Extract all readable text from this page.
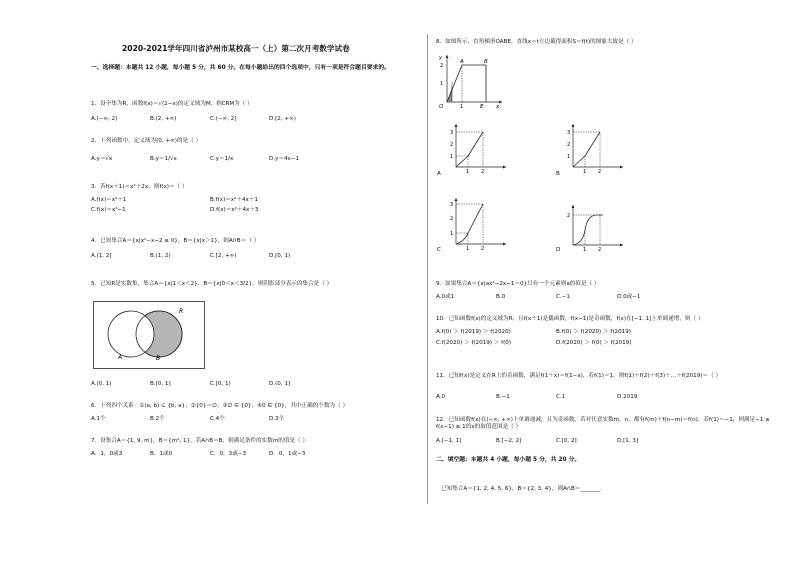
2020-2021学年四川省泸州市某校高一（上）第二次月考数学试卷
一、选择题：本题共 12 小题，每小题 5 分，共 60 分。在每小题给出的四个选项中，只有一项是符合题目要求的。
1．设全集为R，函数f(x)＝√(2−x)的定义域为M，则∁RM为（ ）
A.(−∞, 2)	B.(2, +∞)	C.(−∞, 2]	D.[2, +∞)
2．下列函数中，定义域为(0, +∞)的是（ ）
A.y＝√x	B.y＝1/√x	C.y＝1/x	D.y＝4x−1
3．若f(x＋1)＝x²＋2x，则f(x)＝（ ）
A.f(x)＝x²＋1	B.f(x)＝x²＋4x＋1
C.f(x)＝x²−1	D.f(x)＝x²＋4x＋3
4．已知集合A＝{x|x²−x−2 ≤ 0}，B＝{x|x＞1}，则A∩B＝（ ）
A.(1, 2]	B.(1, 2)	C.[2, +∞)	D.[0, 1)
5．已知R是实数集，集合A＝{x|1＜x＜2}，B＝{x|0＜x＜3/2}，则阴影部分表示的集合是（ ）
R
A	B
A.(0, 1)	B.[0, 1]	C.[0, 1)	D.(0, 1]
6．下列四个关系：①(a, b) ⊆ {b, a}；②{0}＝∅；③∅ ∈ {0}；④0 ∈ {0}，其中正确的个数为（ ）
A.1个	B.2个	C.4个	D.3个
7．设集合A＝{1, 9, m}，B＝{m², 1}，若A∩B＝B，则满足条件的实数m的值是（ ）
A．1，0或3	B．1或0	C．0，3或−3	D．0，1或−3
8．如图所示，直角梯形OABE，直线x＝t左边截得面积S＝f(t)的图象大致是（ ）
y
2
1
O
A	B
1	E x
3
2
1
1 2
A
3
2
1
1 2
B
3
2
1
1 2
C
2
1 2
D
9．如果集合A＝{x|ax²−2x−1＝0}只有一个元素则a的值是（ ）
A.0或1	B.0	C.−1	D.0或−1
10．已知函数f(x)的定义域为R，且f(x＋1)是偶函数，f(x−1)是奇函数，f(x)在[−1, 1]上单调递增，则（ ）
A.f(0) ＞ f(2019) ＞ f(2020)	B.f(0) ＞ f(2020) ＞ f(2019)
C.f(2020) ＞ f(2019) ＞ f(0)	D.f(2020) ＞ f(0) ＞ f(2019)
11．已知f(x)是定义在R上的奇函数，满足f(1＋x)＝f(1−x)，若f(1)＝1，则f(1)＋f(2)＋f(3)＋…＋f(2019)＝（ ）
A.0	B.−1	C.1	D.2019
12．已知函数f(x)在(−∞, +∞)上单调递减，且为奇函数，若对任意实数m，n，都有f(m)＋f(n−m)＝f(n)，若f(1)＝−1，则满足−1 ≤ f(x−1) ≤ 1的x的取值范围是（ ）
A.[−1, 1]	B.[−2, 2]	C.[0, 2]	D.[1, 3]
二、填空题：本题共 4 小题，每小题 5 分，共 20 分。
已知集合A＝{1, 2, 4, 5, 6}，B＝{2, 3, 4}，则A∩B＝_______.
